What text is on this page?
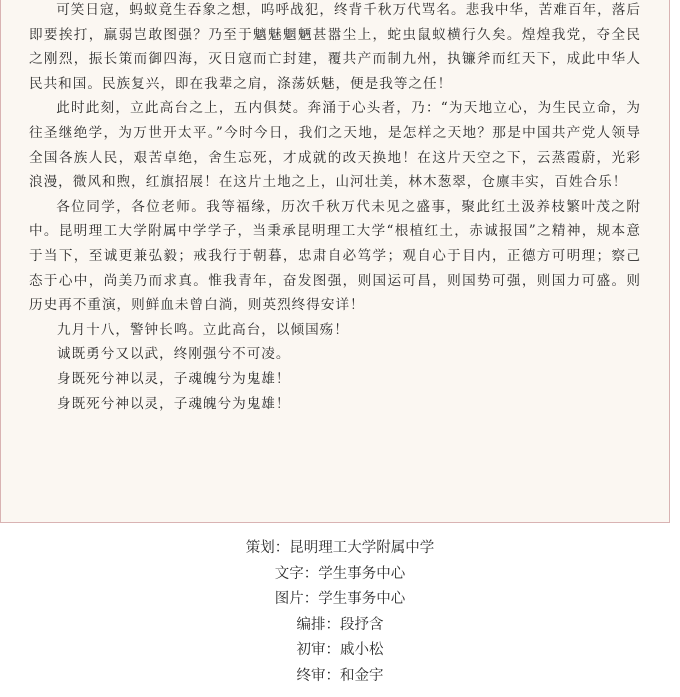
可笑日寇，蚂蚁竟生吞象之想，呜呼战犯，终背千秋万代骂名。悲我中华，苦难百年，落后即要挨打，羸弱岂敢图强？乃至于魑魅魍魉甚嚣尘上，蛇虫鼠蚁横行久矣。煌煌我党，夺全民之刚烈，振长策而御四海，灭日寇而亡封建，覆共产而制九州，执镰斧而红天下，成此中华人民共和国。民族复兴，即在我辈之肩，涤荡妖魅，便是我等之任！

此时此刻，立此高台之上，五内俱焚。奔涌于心头者，乃：“为天地立心，为生民立命，为往圣继绝学，为万世开太平。”今时今日，我们之天地，是怎样之天地？那是中国共产党人领导全国各族人民，艰苦卓绝，舍生忘死，才成就的改天换地！在这片天空之下，云蒸霞蔚，光彩浪漫，微风和煦，红旗招展！在这片土地之上，山河壮美，林木葱翠，仓廪丰实，百姓合乐！

各位同学，各位老师。我等福缘，历次千秋万代未见之盛事，聚此红土汲养枝繁叶茂之附中。昆明理工大学附属中学学子，当秉承昆明理工大学“根植红土，赤诚报国”之精神，规本意于当下，至诚更兼弘毅；戒我行于朝暮，忠肃自必笃学；观自心于目内，正德方可明理；察己态于心中，尚美乃而求真。惟我青年，奋发图强，则国运可昌，则国势可强，则国力可盛。则历史再不重演，则鲜血未曾白淌，则英烈终得安详！

九月十八，警钟长鸣。立此高台，以倾国殇！

诚既勇兮又以武，终刚强兮不可凌。

身既死兮神以灵，子魂魄兮为鬼雄！

身既死兮神以灵，子魂魄兮为鬼雄！

策划：昆明理工大学附属中学
文字：学生事务中心
图片：学生事务中心
编排：段抒含
初审：戚小松
终审：和金宇
